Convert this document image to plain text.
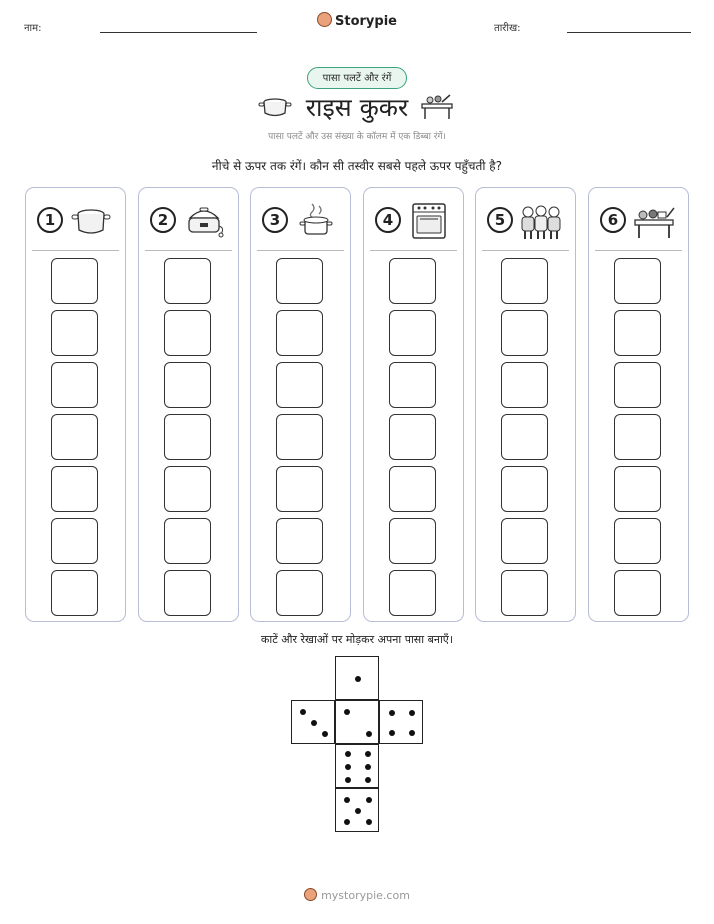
नाम:	Storypie	तारीख:
पासा पलटें और रंगें
राइस कुकर
पासा पलटें और उस संख्या के कॉलम में एक डिब्बा रंगें।
नीचे से ऊपर तक रंगें। कौन सी तस्वीर सबसे पहले ऊपर पहुँचती है?
1	2	3	4	5	6
काटें और रेखाओं पर मोड़कर अपना पासा बनाएँ।
mystorypie.com
